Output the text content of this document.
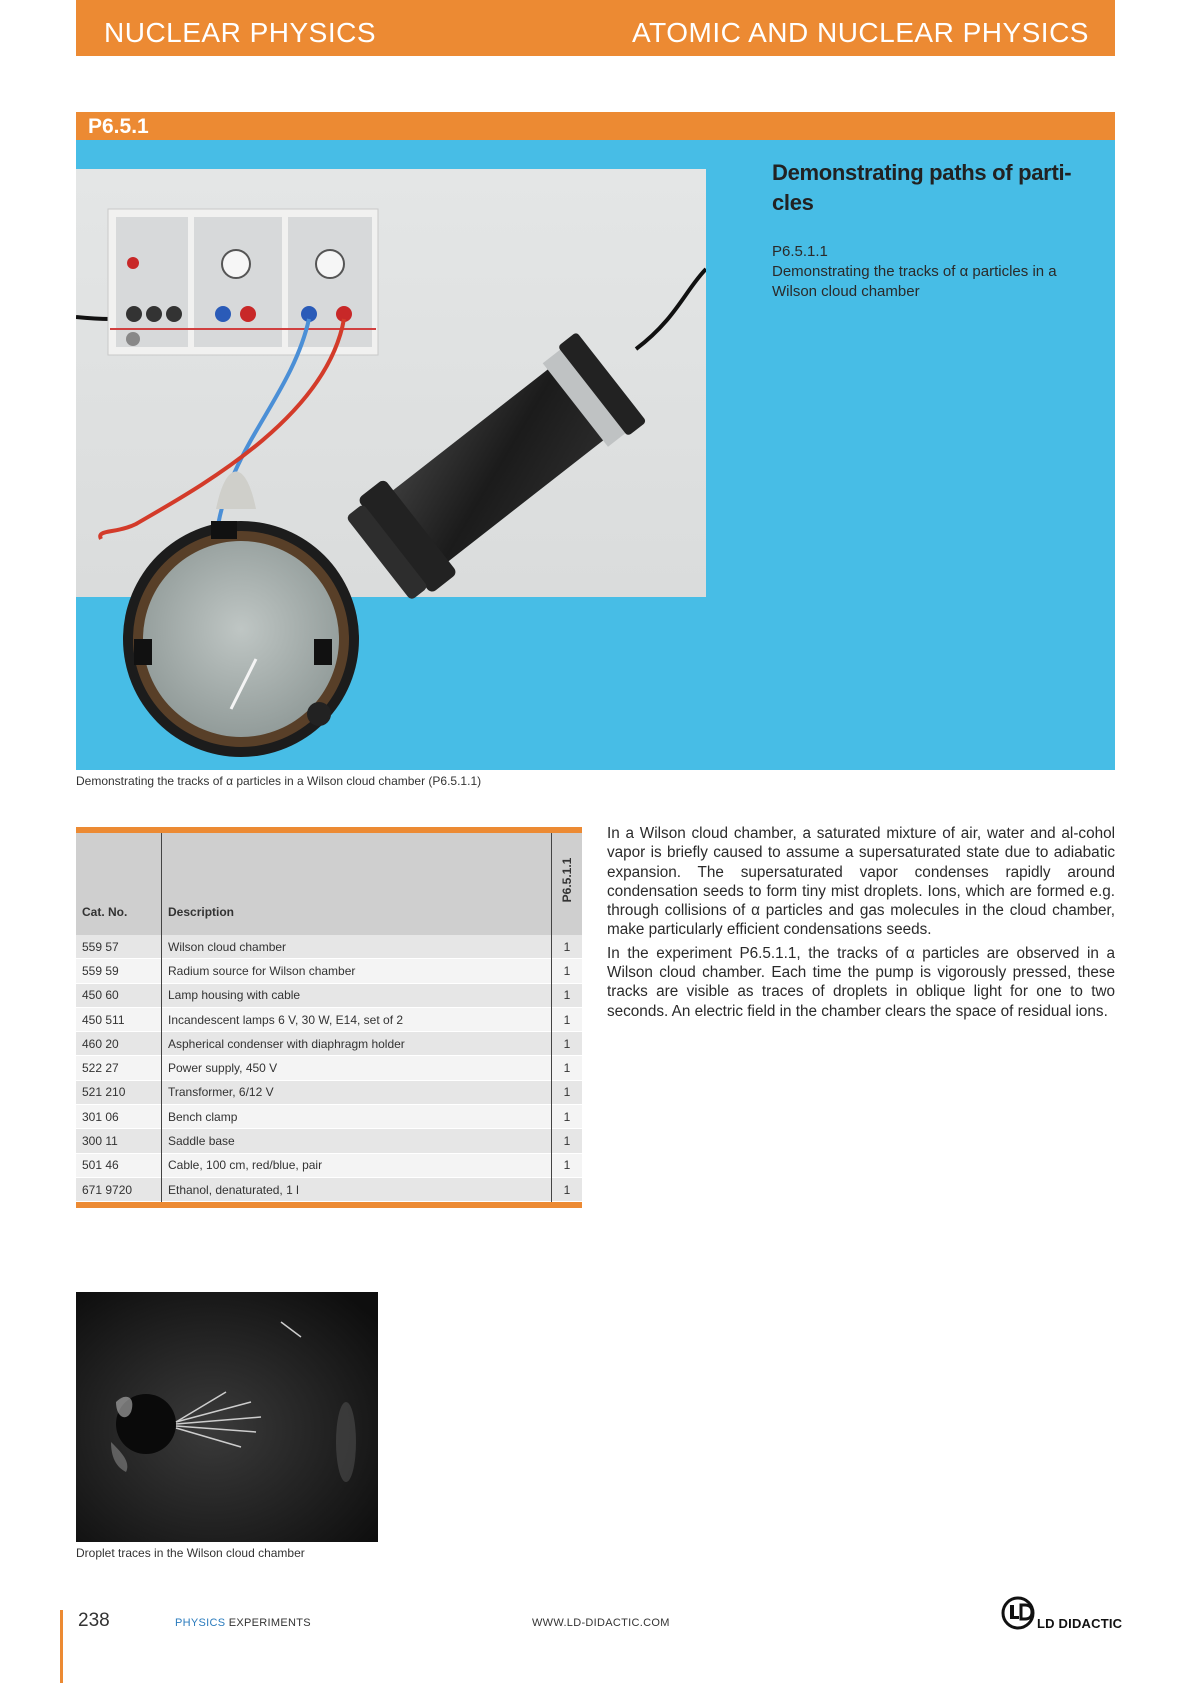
NUCLEAR PHYSICS	ATOMIC AND NUCLEAR PHYSICS
P6.5.1
Demonstrating paths of parti-cles
P6.5.1.1
Demonstrating the tracks of α particles in a Wilson cloud chamber
Demonstrating the tracks of α particles in a Wilson cloud chamber (P6.5.1.1)
Cat. No.	Description	P6.5.1.1

559 57	Wilson cloud chamber	1
559 59	Radium source for Wilson chamber	1
450 60	Lamp housing with cable	1
450 511	Incandescent lamps 6 V, 30 W, E14, set of 2	1
460 20	Aspherical condenser with diaphragm holder	1
522 27	Power supply, 450 V	1
521 210	Transformer, 6/12 V	1
301 06	Bench clamp	1
300 11	Saddle base	1
501 46	Cable, 100 cm, red/blue, pair	1
671 9720	Ethanol, denaturated, 1 l	1

In a Wilson cloud chamber, a saturated mixture of air, water and al-cohol vapor is briefly caused to assume a supersaturated state due to adiabatic expansion. The supersaturated vapor condenses rapidly around condensation seeds to form tiny mist droplets. Ions, which are formed e.g. through collisions of α particles and gas molecules in the cloud chamber, make particularly efficient condensations seeds.

In the experiment P6.5.1.1, the tracks of α particles are observed in a Wilson cloud chamber. Each time the pump is vigorously pressed, these tracks are visible as traces of droplets in oblique light for one to two seconds. An electric field in the chamber clears the space of residual ions.

Droplet traces in the Wilson cloud chamber
238	PHYSICS EXPERIMENTS	WWW.LD-DIDACTIC.COM	LD DIDACTIC
